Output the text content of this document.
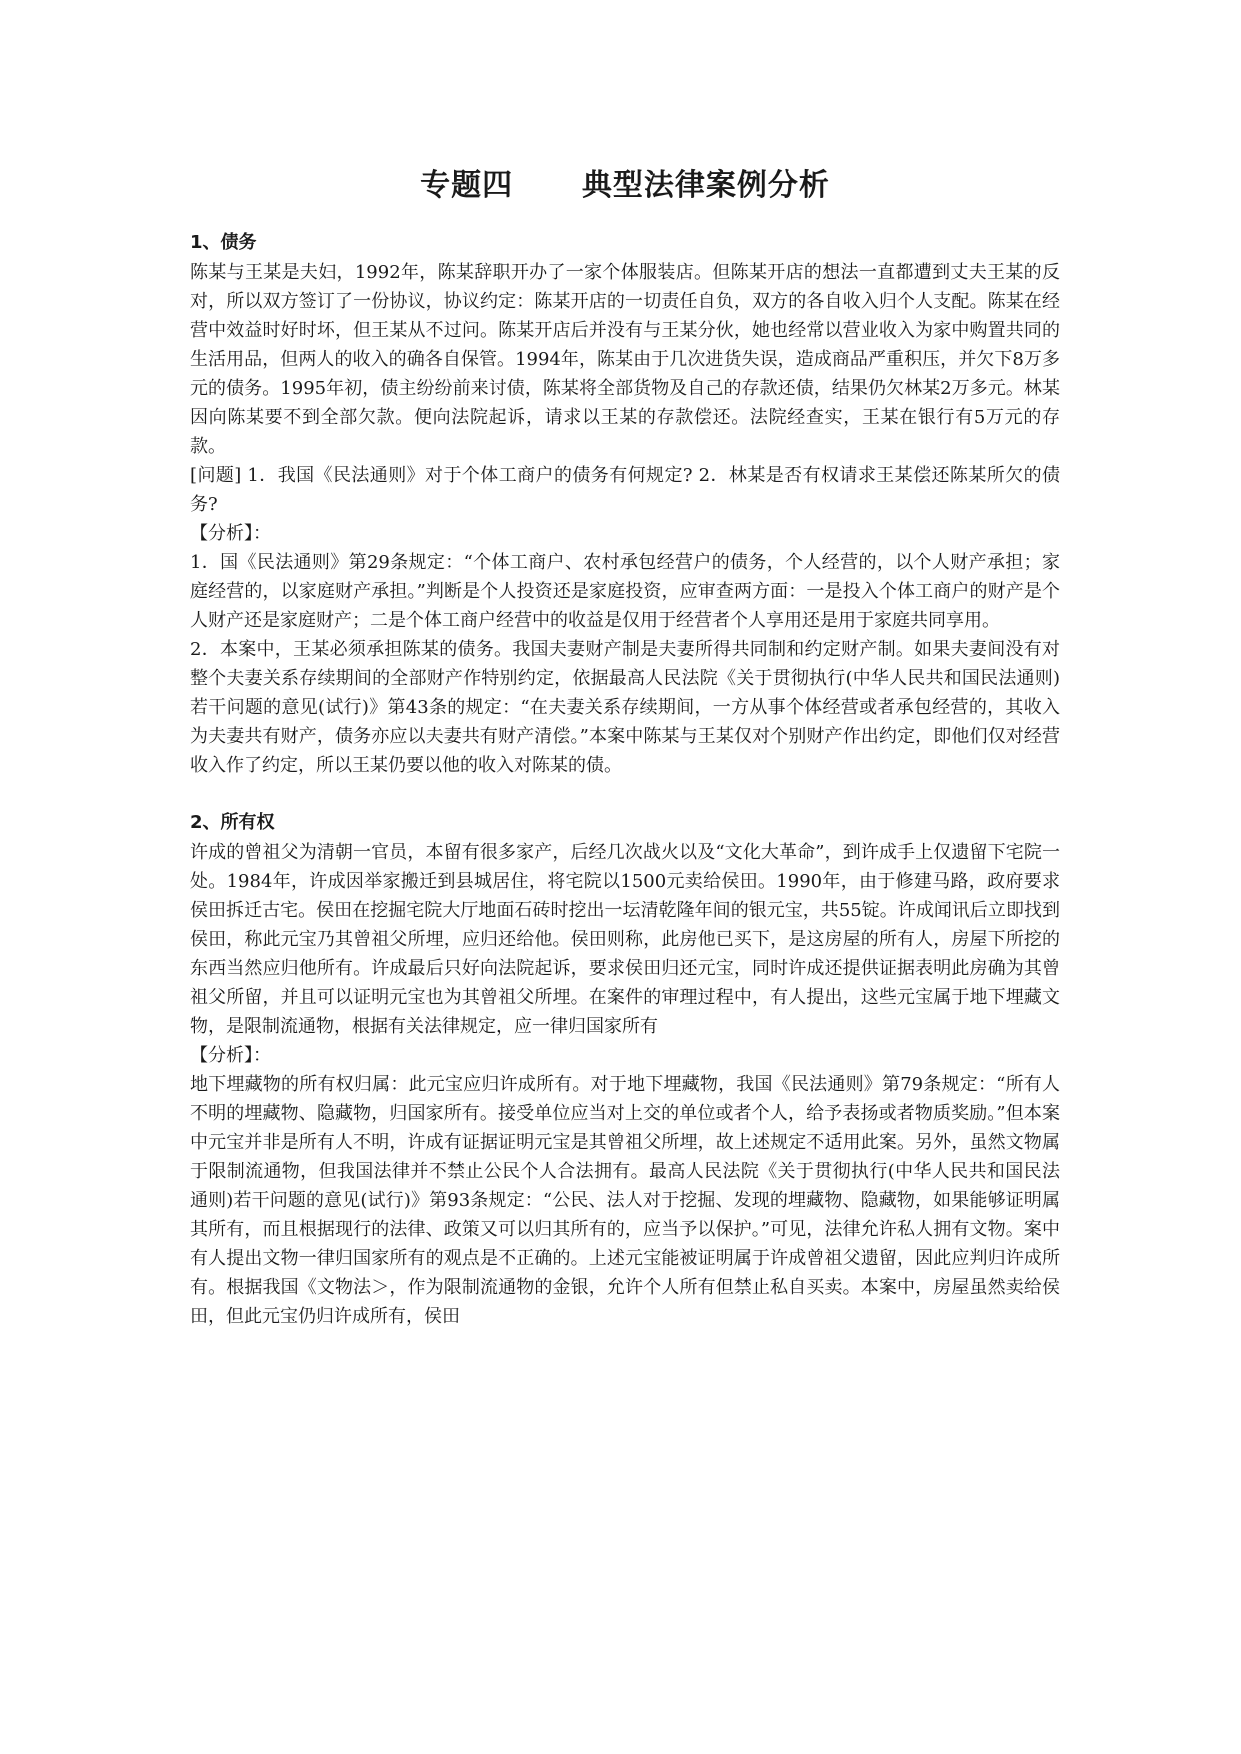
专题四      典型法律案例分析

1、债务

陈某与王某是夫妇，1992年，陈某辞职开办了一家个体服装店。但陈某开店的想法一直都遭到丈夫王某的反对，所以双方签订了一份协议，协议约定：陈某开店的一切责任自负，双方的各自收入归个人支配。陈某在经营中效益时好时坏，但王某从不过问。陈某开店后并没有与王某分伙，她也经常以营业收入为家中购置共同的生活用品，但两人的收入的确各自保管。1994年，陈某由于几次进货失误，造成商品严重积压，并欠下8万多元的债务。1995年初，债主纷纷前来讨债，陈某将全部货物及自己的存款还债，结果仍欠林某2万多元。林某因向陈某要不到全部欠款。便向法院起诉，请求以王某的存款偿还。法院经查实，王某在银行有5万元的存款。

[问题] 1．我国《民法通则》对于个体工商户的债务有何规定? 2．林某是否有权请求王某偿还陈某所欠的债务?

【分析】：

1．国《民法通则》第29条规定：“个体工商户、农村承包经营户的债务，个人经营的，以个人财产承担；家庭经营的，以家庭财产承担。”判断是个人投资还是家庭投资，应审查两方面：一是投入个体工商户的财产是个人财产还是家庭财产；二是个体工商户经营中的收益是仅用于经营者个人享用还是用于家庭共同享用。

2．本案中，王某必须承担陈某的债务。我国夫妻财产制是夫妻所得共同制和约定财产制。如果夫妻间没有对整个夫妻关系存续期间的全部财产作特别约定，依据最高人民法院《关于贯彻执行(中华人民共和国民法通则)若干问题的意见(试行)》第43条的规定：“在夫妻关系存续期间，一方从事个体经营或者承包经营的，其收入为夫妻共有财产，债务亦应以夫妻共有财产清偿。”本案中陈某与王某仅对个别财产作出约定，即他们仅对经营收入作了约定，所以王某仍要以他的收入对陈某的债。

2、所有权

许成的曾祖父为清朝一官员，本留有很多家产，后经几次战火以及“文化大革命”，到许成手上仅遗留下宅院一处。1984年，许成因举家搬迁到县城居住，将宅院以1500元卖给侯田。1990年，由于修建马路，政府要求侯田拆迁古宅。侯田在挖掘宅院大厅地面石砖时挖出一坛清乾隆年间的银元宝，共55锭。许成闻讯后立即找到侯田，称此元宝乃其曾祖父所埋，应归还给他。侯田则称，此房他已买下，是这房屋的所有人，房屋下所挖的东西当然应归他所有。许成最后只好向法院起诉，要求侯田归还元宝，同时许成还提供证据表明此房确为其曾祖父所留，并且可以证明元宝也为其曾祖父所埋。在案件的审理过程中，有人提出，这些元宝属于地下埋藏文物，是限制流通物，根据有关法律规定，应一律归国家所有

【分析】：

地下埋藏物的所有权归属：此元宝应归许成所有。对于地下埋藏物，我国《民法通则》第79条规定：“所有人不明的埋藏物、隐藏物，归国家所有。接受单位应当对上交的单位或者个人，给予表扬或者物质奖励。”但本案中元宝并非是所有人不明，许成有证据证明元宝是其曾祖父所埋，故上述规定不适用此案。另外，虽然文物属于限制流通物，但我国法律并不禁止公民个人合法拥有。最高人民法院《关于贯彻执行(中华人民共和国民法通则)若干问题的意见(试行)》第93条规定：“公民、法人对于挖掘、发现的埋藏物、隐藏物，如果能够证明属其所有，而且根据现行的法律、政策又可以归其所有的，应当予以保护。”可见，法律允许私人拥有文物。案中有人提出文物一律归国家所有的观点是不正确的。上述元宝能被证明属于许成曾祖父遗留，因此应判归许成所有。根据我国《文物法＞，作为限制流通物的金银，允许个人所有但禁止私自买卖。本案中，房屋虽然卖给侯田，但此元宝仍归许成所有，侯田
